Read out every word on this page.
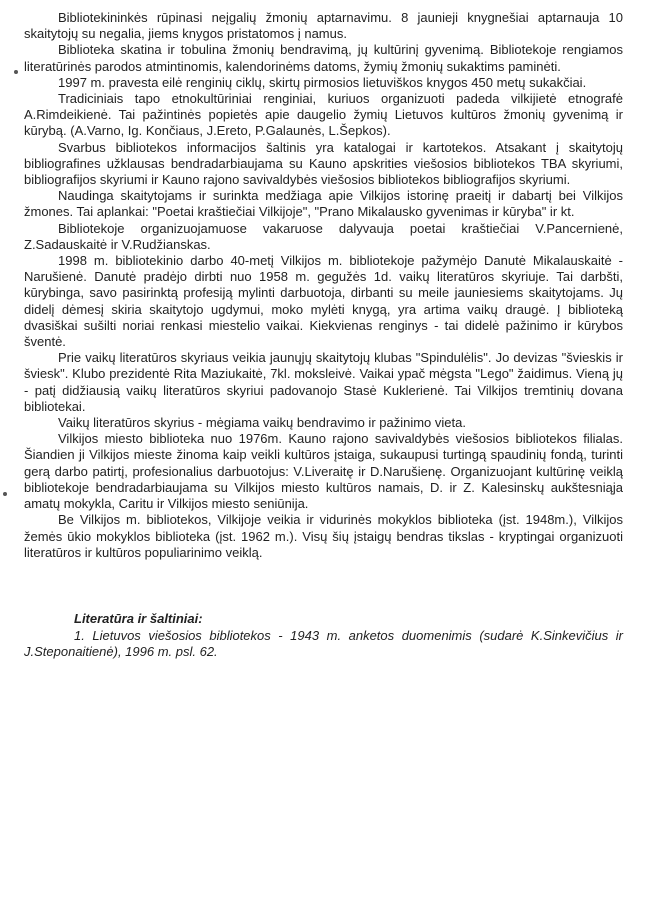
Bibliotekininkės rūpinasi neįgalių žmonių aptarnavimu. 8 jaunieji knygnešiai aptarnauja 10 skaitytojų su negalia, jiems knygos pristatomos į namus.

Biblioteka skatina ir tobulina žmonių bendravimą, jų kultūrinį gyvenimą. Bibliotekoje rengiamos literatūrinės parodos atmintinomis, kalendorinėms datoms, žymių žmonių sukaktims paminėti.

1997 m. pravesta eilė renginių ciklų, skirtų pirmosios lietuviškos knygos 450 metų sukakčiai.

Tradiciniais tapo etnokultūriniai renginiai, kuriuos organizuoti padeda vilkijietė etnografė A.Rimdeikienė. Tai pažintinės popietės apie daugelio žymių Lietuvos kultūros žmonių gyvenimą ir kūrybą. (A.Varno, Ig. Končiaus, J.Ereto, P.Galaunės, L.Šepkos).

Svarbus bibliotekos informacijos šaltinis yra katalogai ir kartotekos. Atsakant į skaitytojų bibliografines užklausas bendradarbiaujama su Kauno apskrities viešosios bibliotekos TBA skyriumi, bibliografijos skyriumi ir Kauno rajono savivaldybės viešosios bibliotekos bibliografijos skyriumi.

Naudinga skaitytojams ir surinkta medžiaga apie Vilkijos istorinę praeitį ir dabartį bei Vilkijos žmones. Tai aplankai: "Poetai kraštiečiai Vilkijoje", "Prano Mikalausko gyvenimas ir kūryba" ir kt.

Bibliotekoje organizuojamuose vakaruose dalyvauja poetai kraštiečiai V.Pancernienė, Z.Sadauskaitė ir V.Rudžianskas.

1998 m. bibliotekinio darbo 40-metį Vilkijos m. bibliotekoje pažymėjo Danutė Mikalauskaitė - Narušienė. Danutė pradėjo dirbti nuo 1958 m. gegužės 1d. vaikų literatūros skyriuje. Tai darbšti, kūrybinga, savo pasirinktą profesiją mylinti darbuotoja, dirbanti su meile jauniesiems skaitytojams. Jų didelį dėmesį skiria skaitytojo ugdymui, moko mylėti knygą, yra artima vaikų draugė. Į biblioteką dvasiškai sušilti noriai renkasi miestelio vaikai. Kiekvienas renginys - tai didelė pažinimo ir kūrybos šventė.

Prie vaikų literatūros skyriaus veikia jaunųjų skaitytojų klubas "Spindulėlis". Jo devizas "švieskis ir šviesk". Klubo prezidentė Rita Maziukaitė, 7kl. moksleivė. Vaikai ypač mėgsta "Lego" žaidimus. Vieną jų - patį didžiausią vaikų literatūros skyriui padovanojo Stasė Kuklerienė. Tai Vilkijos tremtinių dovana bibliotekai.

Vaikų literatūros skyrius - mėgiama vaikų bendravimo ir pažinimo vieta.

Vilkijos miesto biblioteka nuo 1976m. Kauno rajono savivaldybės viešosios bibliotekos filialas. Šiandien ji Vilkijos mieste žinoma kaip veikli kultūros įstaiga, sukaupusi turtingą spaudinių fondą, turinti gerą darbo patirtį, profesionalius darbuotojus: V.Liveraitę ir D.Narušienę. Organizuojant kultūrinę veiklą bibliotekoje bendradarbiaujama su Vilkijos miesto kultūros namais, D. ir Z. Kalesinskų aukštesniąja amatų mokykla, Caritu ir Vilkijos miesto seniūnija.

Be Vilkijos m. bibliotekos, Vilkijoje veikia ir vidurinės mokyklos biblioteka (įst. 1948m.), Vilkijos žemės ūkio mokyklos biblioteka (įst. 1962 m.). Visų šių įstaigų bendras tikslas - kryptingai organizuoti literatūros ir kultūros populiarinimo veiklą.

Literatūra ir šaltiniai:

1. Lietuvos viešosios bibliotekos - 1943 m. anketos duomenimis (sudarė K.Sinkevičius ir J.Steponaitienė), 1996 m. psl. 62.
